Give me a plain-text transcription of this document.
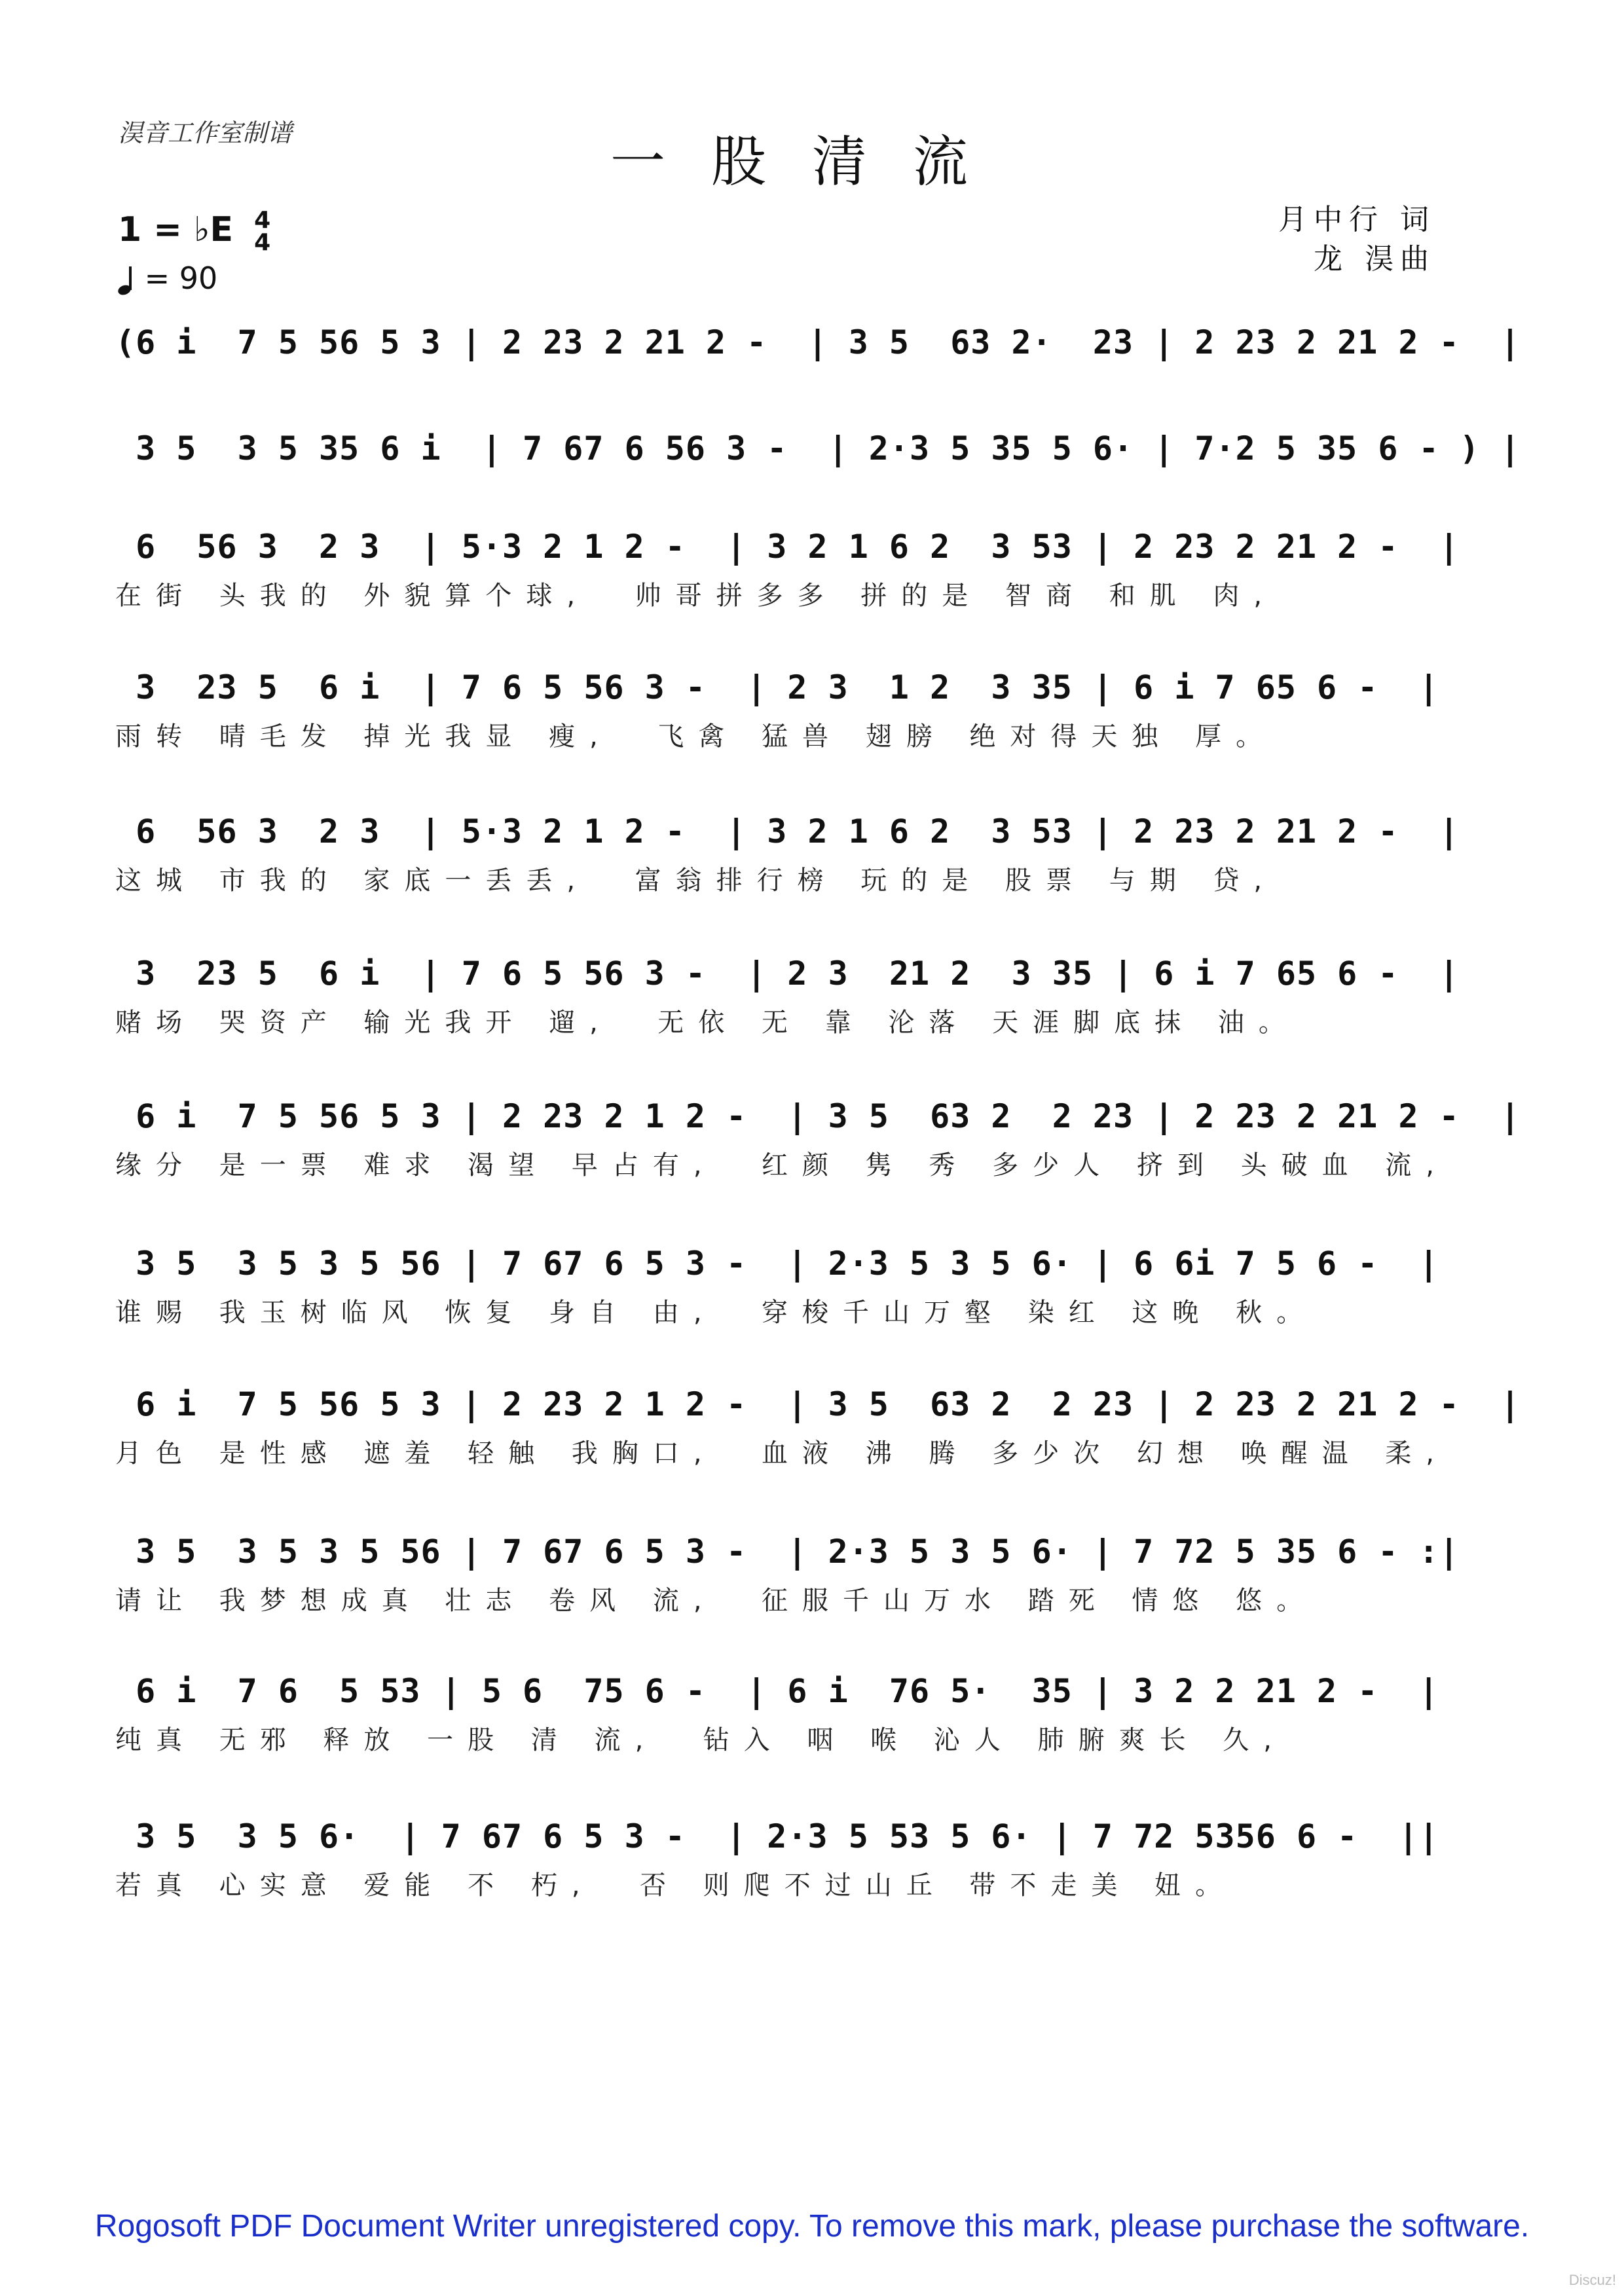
淏音工作室制谱	一股清流
月中行 词
龙 淏曲
1 = ♭E 4
4
= 90
(6 i  7 5 56 5 3 | 2 23 2 21 2 -  | 3 5  63 2·  23 | 2 23 2 21 2 -  |
3 5  3 5 35 6 i  | 7 67 6 56 3 -  | 2·3 5 35 5 6· | 7·2 5 35 6 - ) |
6  56 3  2 3  | 5·3 2 1 2 -  | 3 2 1 6 2  3 53 | 2 23 2 21 2 -  |
在街 头我的 外貌算个球,  帅哥拼多多 拼的是 智商 和肌 肉,
3  23 5  6 i  | 7 6 5 56 3 -  | 2 3  1 2  3 35 | 6 i 7 65 6 -  |
雨转 晴毛发 掉光我显 瘦,  飞禽 猛兽 翅膀 绝对得天独 厚。
6  56 3  2 3  | 5·3 2 1 2 -  | 3 2 1 6 2  3 53 | 2 23 2 21 2 -  |
这城 市我的 家底一丢丢,  富翁排行榜 玩的是 股票 与期 贷,
3  23 5  6 i  | 7 6 5 56 3 -  | 2 3  21 2  3 35 | 6 i 7 65 6 -  |
赌场 哭资产 输光我开 遛,  无依 无 靠 沦落 天涯脚底抹 油。
6 i  7 5 56 5 3 | 2 23 2 1 2 -  | 3 5  63 2  2 23 | 2 23 2 21 2 -  |
缘分 是一票 难求 渴望 早占有,  红颜 隽 秀 多少人 挤到 头破血 流,
3 5  3 5 3 5 56 | 7 67 6 5 3 -  | 2·3 5 3 5 6· | 6 6i 7 5 6 -  |
谁赐 我玉树临风 恢复 身自 由,  穿梭千山万壑 染红 这晚 秋。
6 i  7 5 56 5 3 | 2 23 2 1 2 -  | 3 5  63 2  2 23 | 2 23 2 21 2 -  |
月色 是性感 遮羞 轻触 我胸口,  血液 沸 腾 多少次 幻想 唤醒温 柔,
3 5  3 5 3 5 56 | 7 67 6 5 3 -  | 2·3 5 3 5 6· | 7 72 5 35 6 - :|
请让 我梦想成真 壮志 卷风 流,  征服千山万水 踏死 情悠 悠。
6 i  7 6  5 53 | 5 6  75 6 -  | 6 i  76 5·  35 | 3 2 2 21 2 -  |
纯真 无邪 释放 一股 清 流,  钻入 咽 喉 沁人 肺腑爽长 久,
3 5  3 5 6·  | 7 67 6 5 3 -  | 2·3 5 53 5 6· | 7 72 5356 6 -  ||
若真 心实意 爱能 不 朽,  否 则爬不过山丘 带不走美 妞。
Rogosoft PDF Document Writer unregistered copy. To remove this mark, please purchase the software.
Discuz!
